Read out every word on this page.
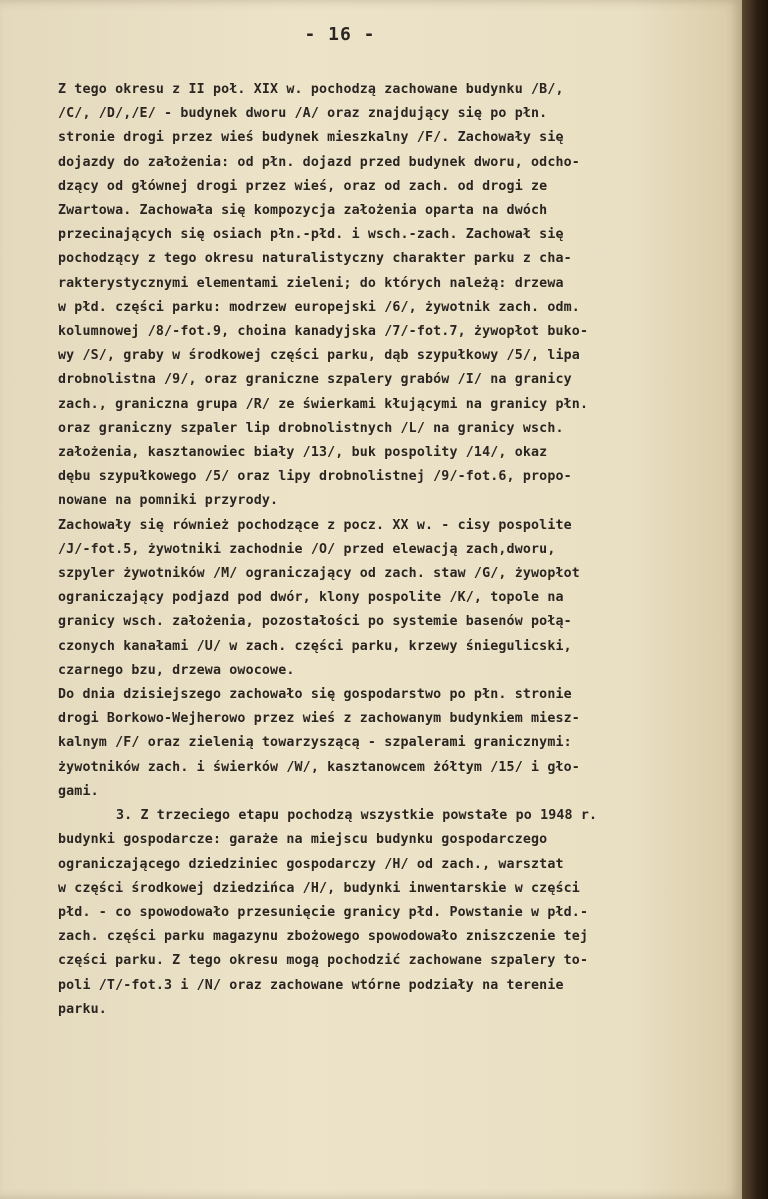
- 16 -

Z tego okresu z II poł. XIX w. pochodzą zachowane budynku /B/,

/C/, /D/,/E/ - budynek dworu /A/ oraz znajdujący się po płn.

stronie drogi przez wieś budynek mieszkalny /F/. Zachowały się

dojazdy do założenia: od płn. dojazd przed budynek dworu, odcho-

dzący od głównej drogi przez wieś, oraz od zach. od drogi ze

Zwartowa. Zachowała się kompozycja założenia oparta na dwóch

przecinających się osiach płn.-płd. i wsch.-zach. Zachował się

pochodzący z tego okresu naturalistyczny charakter parku z cha-

rakterystycznymi elementami zieleni; do których należą: drzewa

w płd. części parku: modrzew europejski /6/, żywotnik zach. odm.

kolumnowej /8/-fot.9, choina kanadyjska /7/-fot.7, żywopłot buko-

wy /S/, graby w środkowej części parku, dąb szypułkowy /5/, lipa

drobnolistna /9/, oraz graniczne szpalery grabów /I/ na granicy

zach., graniczna grupa /R/ ze świerkami kłującymi na granicy płn.

oraz graniczny szpaler lip drobnolistnych /L/ na granicy wsch.

założenia, kasztanowiec biały /13/, buk pospolity /14/, okaz

dębu szypułkowego /5/ oraz lipy drobnolistnej /9/-fot.6, propo-

nowane na pomniki przyrody.

Zachowały się również pochodzące z pocz. XX w. - cisy pospolite

/J/-fot.5, żywotniki zachodnie /O/ przed elewacją zach,dworu,

szpyler żywotników /M/ ograniczający od zach. staw /G/, żywopłot

ograniczający podjazd pod dwór, klony pospolite /K/, topole na

granicy wsch. założenia, pozostałości po systemie basenów połą-

czonych kanałami /U/ w zach. części parku, krzewy śniegulicski,

czarnego bzu, drzewa owocowe.

Do dnia dzisiejszego zachowało się gospodarstwo po płn. stronie

drogi Borkowo-Wejherowo przez wieś z zachowanym budynkiem miesz-

kalnym /F/ oraz zielenią towarzyszącą - szpalerami granicznymi:

żywotników zach. i świerków /W/, kasztanowcem żółtym /15/ i gło-

gami.

3. Z trzeciego etapu pochodzą wszystkie powstałe po 1948 r.

budynki gospodarcze: garaże na miejscu budynku gospodarczego

ograniczającego dziedziniec gospodarczy /H/ od zach., warsztat

w części środkowej dziedzińca /H/, budynki inwentarskie w części

płd. - co spowodowało przesunięcie granicy płd. Powstanie w płd.-

zach. części parku magazynu zbożowego spowodowało zniszczenie tej

części parku. Z tego okresu mogą pochodzić zachowane szpalery to-

poli /T/-fot.3 i /N/ oraz zachowane wtórne podziały na terenie

parku.
